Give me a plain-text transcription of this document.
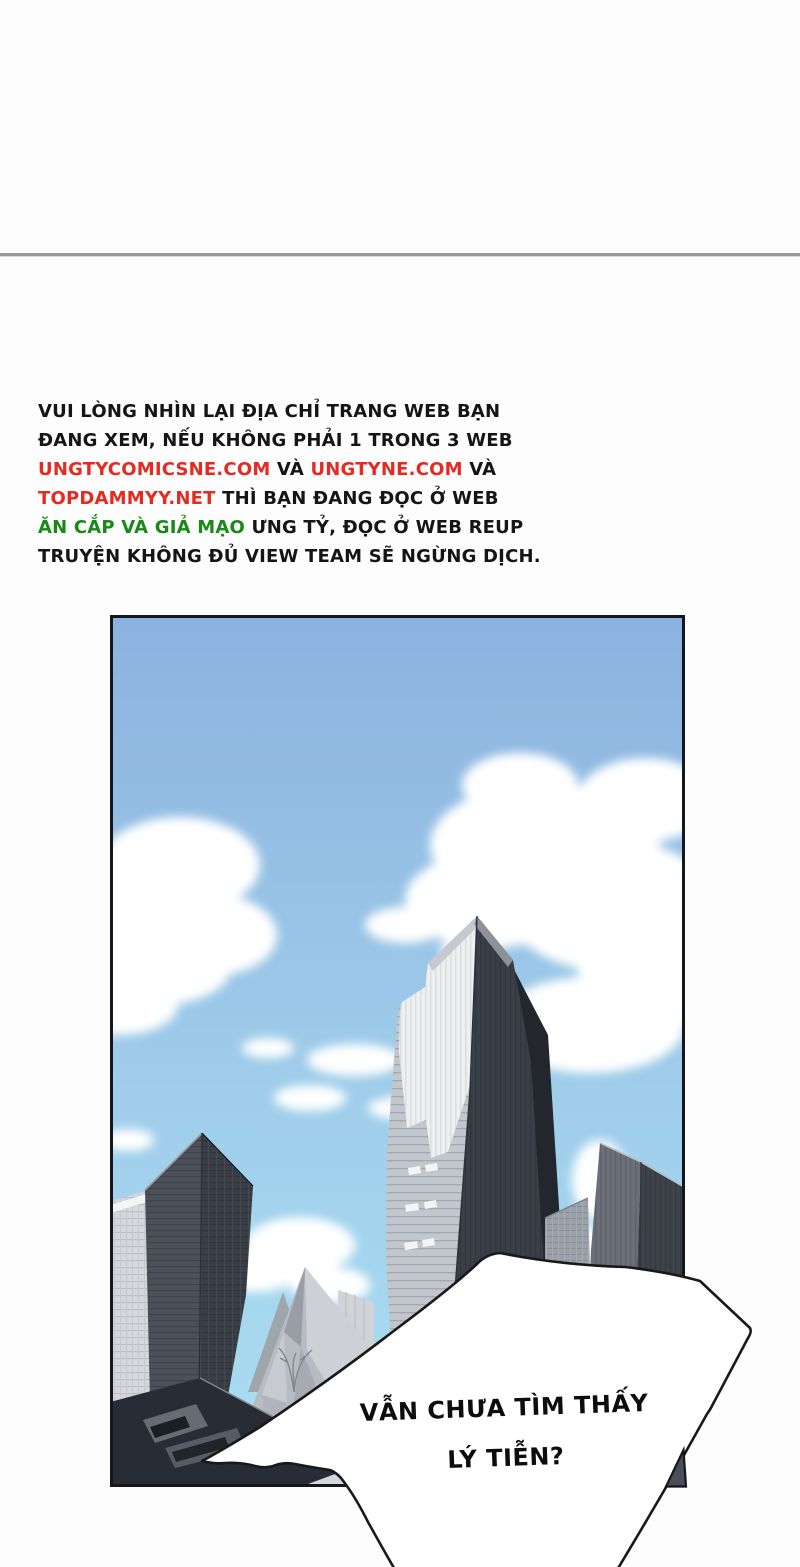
VUI LÒNG NHÌN LẠI ĐỊA CHỈ TRANG WEB BẠN
ĐANG XEM, NẾU KHÔNG PHẢI 1 TRONG 3 WEB
UNGTYCOMICSNE.COM VÀ UNGTYNE.COM VÀ
TOPDAMMYY.NET THÌ BẠN ĐANG ĐỌC Ở WEB
ĂN CẮP VÀ GIẢ MẠO ƯNG TỶ, ĐỌC Ở WEB REUP
TRUYỆN KHÔNG ĐỦ VIEW TEAM SẼ NGỪNG DỊCH.
VẪN CHƯA TÌM THẤY
LÝ TIỄN?
